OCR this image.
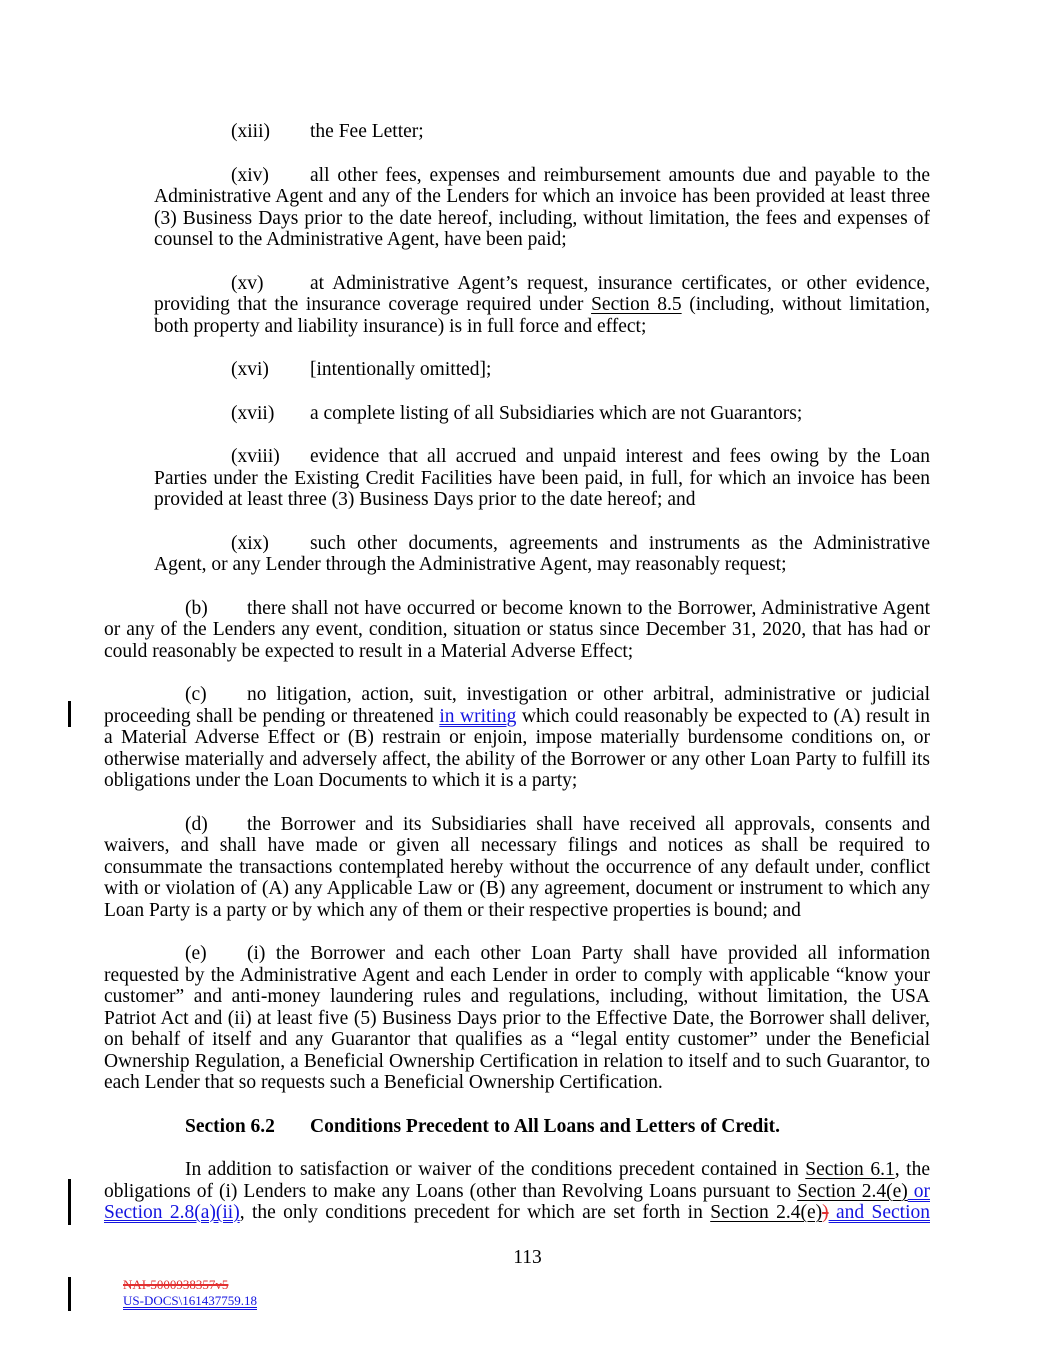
(xiii) the Fee Letter;

(xiv) all other fees, expenses and reimbursement amounts due and payable to the Administrative Agent and any of the Lenders for which an invoice has been provided at least three (3) Business Days prior to the date hereof, including, without limitation, the fees and expenses of counsel to the Administrative Agent, have been paid;

(xv) at Administrative Agent’s request, insurance certificates, or other evidence, providing that the insurance coverage required under Section 8.5 (including, without limitation, both property and liability insurance) is in full force and effect;

(xvi) [intentionally omitted];

(xvii) a complete listing of all Subsidiaries which are not Guarantors;

(xviii) evidence that all accrued and unpaid interest and fees owing by the Loan Parties under the Existing Credit Facilities have been paid, in full, for which an invoice has been provided at least three (3) Business Days prior to the date hereof; and

(xix) such other documents, agreements and instruments as the Administrative Agent, or any Lender through the Administrative Agent, may reasonably request;

(b) there shall not have occurred or become known to the Borrower, Administrative Agent or any of the Lenders any event, condition, situation or status since December 31, 2020, that has had or could reasonably be expected to result in a Material Adverse Effect;

(c) no litigation, action, suit, investigation or other arbitral, administrative or judicial proceeding shall be pending or threatened in writing which could reasonably be expected to (A) result in a Material Adverse Effect or (B) restrain or enjoin, impose materially burdensome conditions on, or otherwise materially and adversely affect, the ability of the Borrower or any other Loan Party to fulfill its obligations under the Loan Documents to which it is a party;

(d) the Borrower and its Subsidiaries shall have received all approvals, consents and waivers, and shall have made or given all necessary filings and notices as shall be required to consummate the transactions contemplated hereby without the occurrence of any default under, conflict with or violation of (A) any Applicable Law or (B) any agreement, document or instrument to which any Loan Party is a party or by which any of them or their respective properties is bound; and

(e) (i) the Borrower and each other Loan Party shall have provided all information requested by the Administrative Agent and each Lender in order to comply with applicable “know your customer” and anti-money laundering rules and regulations, including, without limitation, the USA Patriot Act and (ii) at least five (5) Business Days prior to the Effective Date, the Borrower shall deliver, on behalf of itself and any Guarantor that qualifies as a “legal entity customer” under the Beneficial Ownership Regulation, a Beneficial Ownership Certification in relation to itself and to such Guarantor, to each Lender that so requests such a Beneficial Ownership Certification.

Section 6.2 Conditions Precedent to All Loans and Letters of Credit.

In addition to satisfaction or waiver of the conditions precedent contained in Section 6.1, the obligations of (i) Lenders to make any Loans (other than Revolving Loans pursuant to Section 2.4(e) or Section 2.8(a)(ii), the only conditions precedent for which are set forth in Section 2.4(e)) and Section

113
NAI-5000938357v5
US-DOCS\161437759.18
